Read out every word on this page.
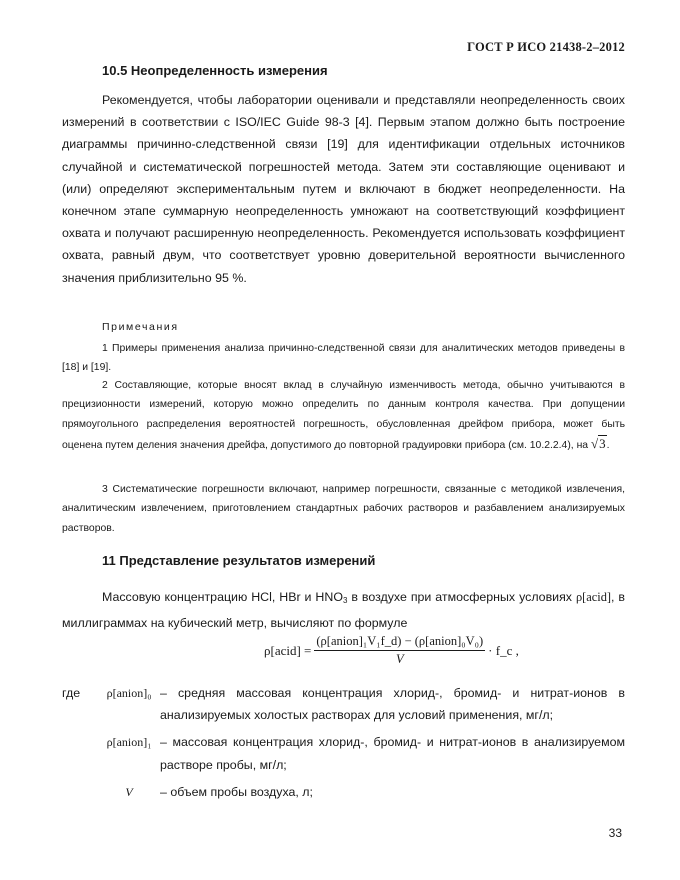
ГОСТ Р ИСО 21438-2–2012
10.5 Неопределенность измерения
Рекомендуется, чтобы лаборатории оценивали и представляли неопределенность своих измерений в соответствии с ISO/IEC Guide 98-3 [4]. Первым этапом должно быть построение диаграммы причинно-следственной связи [19] для идентификации отдельных источников случайной и систематической погрешностей метода. Затем эти составляющие оценивают и (или) определяют экспериментальным путем и включают в бюджет неопределенности. На конечном этапе суммарную неопределенность умножают на соответствующий коэффициент охвата и получают расширенную неопределенность. Рекомендуется использовать коэффициент охвата, равный двум, что соответствует уровню доверительной вероятности вычисленного значения приблизительно 95 %.
Примечания
1 Примеры применения анализа причинно-следственной связи для аналитических методов приведены в [18] и [19].
2 Составляющие, которые вносят вклад в случайную изменчивость метода, обычно учитываются в прецизионности измерений, которую можно определить по данным контроля качества. При допущении прямоугольного распределения вероятностей погрешность, обусловленная дрейфом прибора, может быть оценена путем деления значения дрейфа, допустимого до повторной градуировки прибора (см. 10.2.2.4), на √3.
3 Систематические погрешности включают, например погрешности, связанные с методикой извлечения, аналитическим извлечением, приготовлением стандартных рабочих растворов и разбавлением анализируемых растворов.
11 Представление результатов измерений
Массовую концентрацию HCl, HBr и $HNO_3$ в воздухе при атмосферных условиях ρ[acid], в миллиграммах на кубический метр, вычисляют по формуле
ρ[acid] = $\frac{\text{(ρ[anion]₁V₁f\_d) − (ρ[anion]₀V₀)}}{V}$ · f_c ,
где	ρ[anion]₀ – средняя массовая концентрация хлорид-, бромид- и нитрат-ионов в анализируемых холостых растворах для условий применения, мг/л;
ρ[anion]₁ – массовая концентрация хлорид-, бромид- и нитрат-ионов в анализируемом растворе пробы, мг/л;
V	– объем пробы воздуха, л;
33
